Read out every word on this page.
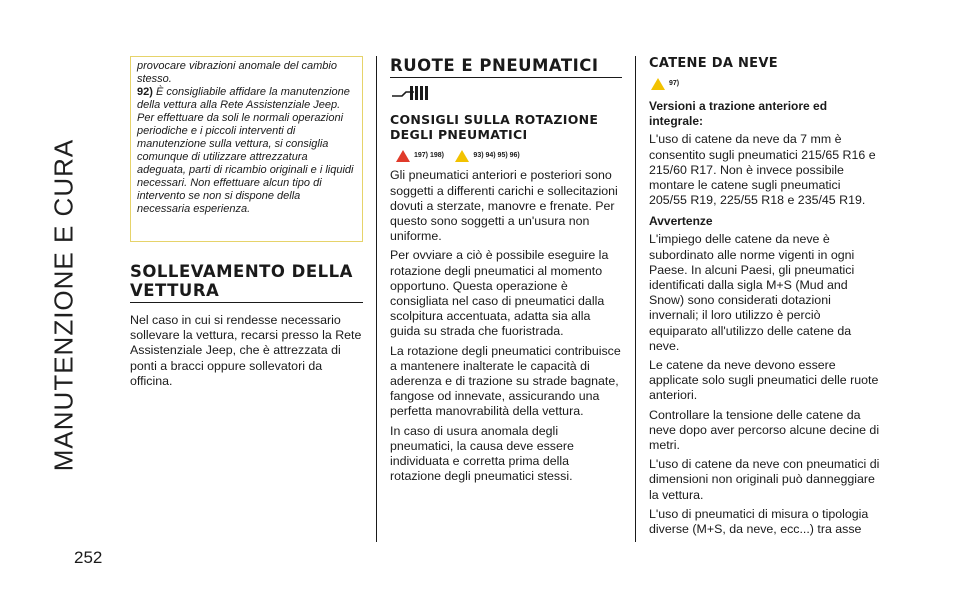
MANUTENZIONE E CURA
252
provocare vibrazioni anomale del cambio stesso.
92) È consigliabile affidare la manutenzione della vettura alla Rete Assistenziale Jeep. Per effettuare da soli le normali operazioni periodiche e i piccoli interventi di manutenzione sulla vettura, si consiglia comunque di utilizzare attrezzatura adeguata, parti di ricambio originali e i liquidi necessari. Non effettuare alcun tipo di intervento se non si dispone della necessaria esperienza.
SOLLEVAMENTO DELLA VETTURA

Nel caso in cui si rendesse necessario sollevare la vettura, recarsi presso la Rete Assistenziale Jeep, che è attrezzata di ponti a bracci oppure sollevatori da officina.

RUOTE E PNEUMATICI
CONSIGLI SULLA ROTAZIONE DEGLI PNEUMATICI
197) 198)	93) 94) 95) 96)

Gli pneumatici anteriori e posteriori sono soggetti a differenti carichi e sollecitazioni dovuti a sterzate, manovre e frenate. Per questo sono soggetti a un'usura non uniforme.

Per ovviare a ciò è possibile eseguire la rotazione degli pneumatici al momento opportuno. Questa operazione è consigliata nel caso di pneumatici dalla scolpitura accentuata, adatta sia alla guida su strada che fuoristrada.

La rotazione degli pneumatici contribuisce a mantenere inalterate le capacità di aderenza e di trazione su strade bagnate, fangose od innevate, assicurando una perfetta manovrabilità della vettura.

In caso di usura anomala degli pneumatici, la causa deve essere individuata e corretta prima della rotazione degli pneumatici stessi.

CATENE DA NEVE
97)
Versioni a trazione anteriore ed integrale:

L'uso di catene da neve da 7 mm è consentito sugli pneumatici 215/65 R16 e 215/60 R17. Non è invece possibile montare le catene sugli pneumatici 205/55 R19, 225/55 R18 e 235/45 R19.

Avvertenze

L'impiego delle catene da neve è subordinato alle norme vigenti in ogni Paese. In alcuni Paesi, gli pneumatici identificati dalla sigla M+S (Mud and Snow) sono considerati dotazioni invernali; il loro utilizzo è perciò equiparato all'utilizzo delle catene da neve.

Le catene da neve devono essere applicate solo sugli pneumatici delle ruote anteriori.

Controllare la tensione delle catene da neve dopo aver percorso alcune decine di metri.

L'uso di catene da neve con pneumatici di dimensioni non originali può danneggiare la vettura.

L'uso di pneumatici di misura o tipologia diverse (M+S, da neve, ecc...) tra asse
